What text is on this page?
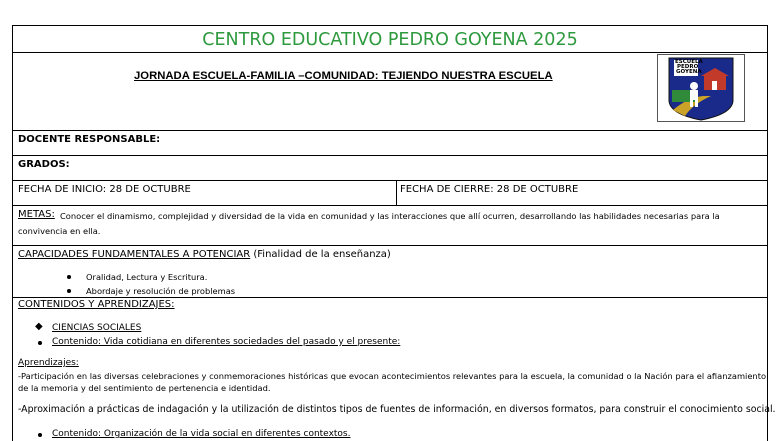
CENTRO EDUCATIVO PEDRO GOYENA 2025
JORNADA ESCUELA-FAMILIA –COMUNIDAD: TEJIENDO NUESTRA ESCUELA
ESCUELA
PEDRO
GOYENA
DOCENTE RESPONSABLE:
GRADOS:
FECHA DE INICIO: 28 DE OCTUBRE	FECHA DE CIERRE: 28 DE OCTUBRE
METAS: Conocer el dinamismo, complejidad y diversidad de la vida en comunidad y las interacciones que allí ocurren, desarrollando las habilidades necesarias para la
convivencia en ella.
CAPACIDADES FUNDAMENTALES A POTENCIAR (Finalidad de la enseñanza)
Oralidad, Lectura y Escritura.
Abordaje y resolución de problemas
CONTENIDOS Y APRENDIZAJES:
◆ CIENCIAS SOCIALES
Contenido: Vida cotidiana en diferentes sociedades del pasado y el presente:
Aprendizajes:
-Participación en las diversas celebraciones y conmemoraciones históricas que evocan acontecimientos relevantes para la escuela, la comunidad o la Nación para el afianzamiento
de la memoria y del sentimiento de pertenencia e identidad.
-Aproximación a prácticas de indagación y la utilización de distintos tipos de fuentes de información, en diversos formatos, para construir el conocimiento social.
Contenido: Organización de la vida social en diferentes contextos.
